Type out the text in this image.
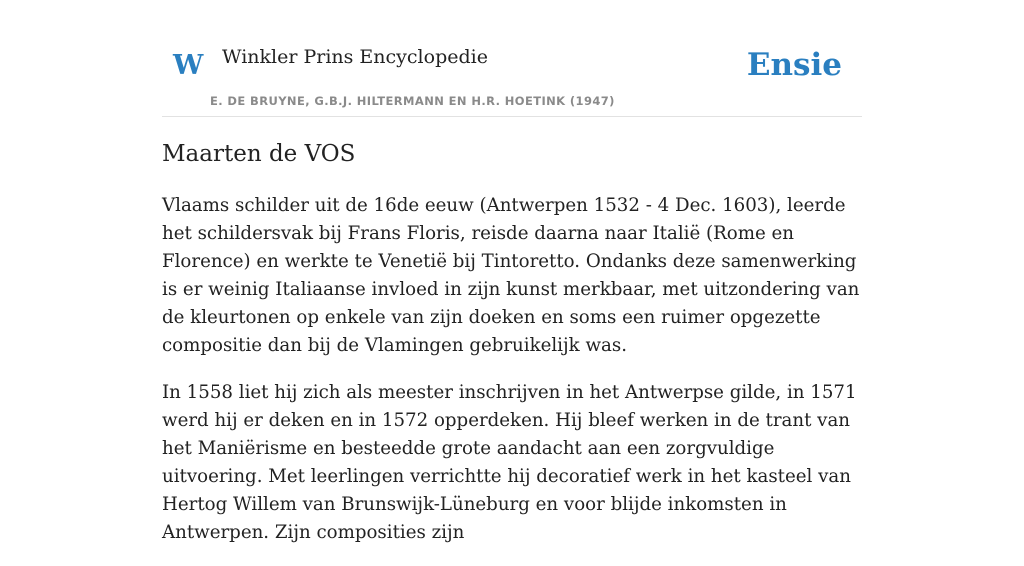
W Winkler Prins Encyclopedie
E. DE BRUYNE, G.B.J. HILTERMANN EN H.R. HOETINK (1947)
Ensie
Maarten de VOS

Vlaams schilder uit de 16de eeuw (Antwerpen 1532 - 4 Dec. 1603), leerde het schildersvak bij Frans Floris, reisde daarna naar Italië (Rome en Florence) en werkte te Venetië bij Tintoretto. Ondanks deze samenwerking is er weinig Italiaanse invloed in zijn kunst merkbaar, met uitzondering van de kleurtonen op enkele van zijn doeken en soms een ruimer opgezette compositie dan bij de Vlamingen gebruikelijk was.

In 1558 liet hij zich als meester inschrijven in het Antwerpse gilde, in 1571 werd hij er deken en in 1572 opperdeken. Hij bleef werken in de trant van het Maniërisme en besteedde grote aandacht aan een zorgvuldige uitvoering. Met leerlingen verrichtte hij decoratief werk in het kasteel van Hertog Willem van Brunswijk-Lüneburg en voor blijde inkomsten in Antwerpen. Zijn composities zijn
